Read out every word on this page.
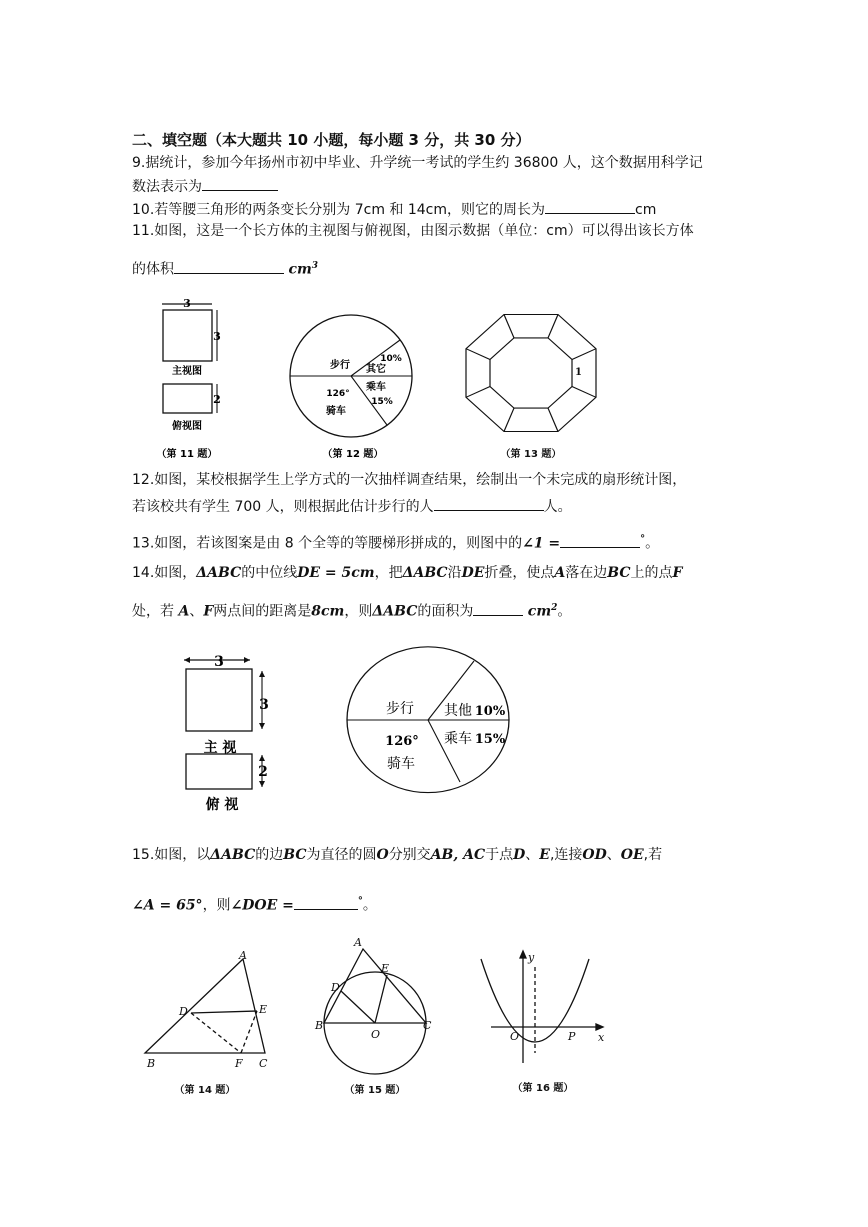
二、填空题（本大题共 10 小题，每小题 3 分，共 30 分）
9.据统计，参加今年扬州市初中毕业、升学统一考试的学生约 36800 人，这个数据用科学记
数法表示为
10.若等腰三角形的两条变长分别为 7cm 和 14cm，则它的周长为	cm
11.如图，这是一个长方体的主视图与俯视图，由图示数据（单位：cm）可以得出该长方体
的体积	$cm^3$
3
3
主视图
2
俯视图
（第 11 题）
步行
10%
其它
126°
乘车
15%
骑车
（第 12 题）
1
（第 13 题）
12.如图，某校根据学生上学方式的一次抽样调查结果，绘制出一个未完成的扇形统计图，
若该校共有学生 700 人，则根据此估计步行的人	人。
13.如图，若该图案是由 8 个全等的等腰梯形拼成的，则图中的∠1 =	°。
14.如图，ΔABC的中位线DE = 5cm，把ΔABC沿DE折叠，使点A落在边BC上的点F
处，若 A、F两点间的距离是8cm，则ΔABC的面积为	$cm^2$。
3
3
主 视
2
俯 视
步行 其他 10%
126° 乘车 15%
骑车
15.如图，以ΔABC的边BC为直径的圆O分别交AB, AC于点D、E,连接OD、OE,若
∠A = 65°，则∠DOE =	°。
A
D	E
B	F C
（第 14 题）
A
D
E
B
O
C
（第 15 题）
y
x
O	P
（第 16 题）
